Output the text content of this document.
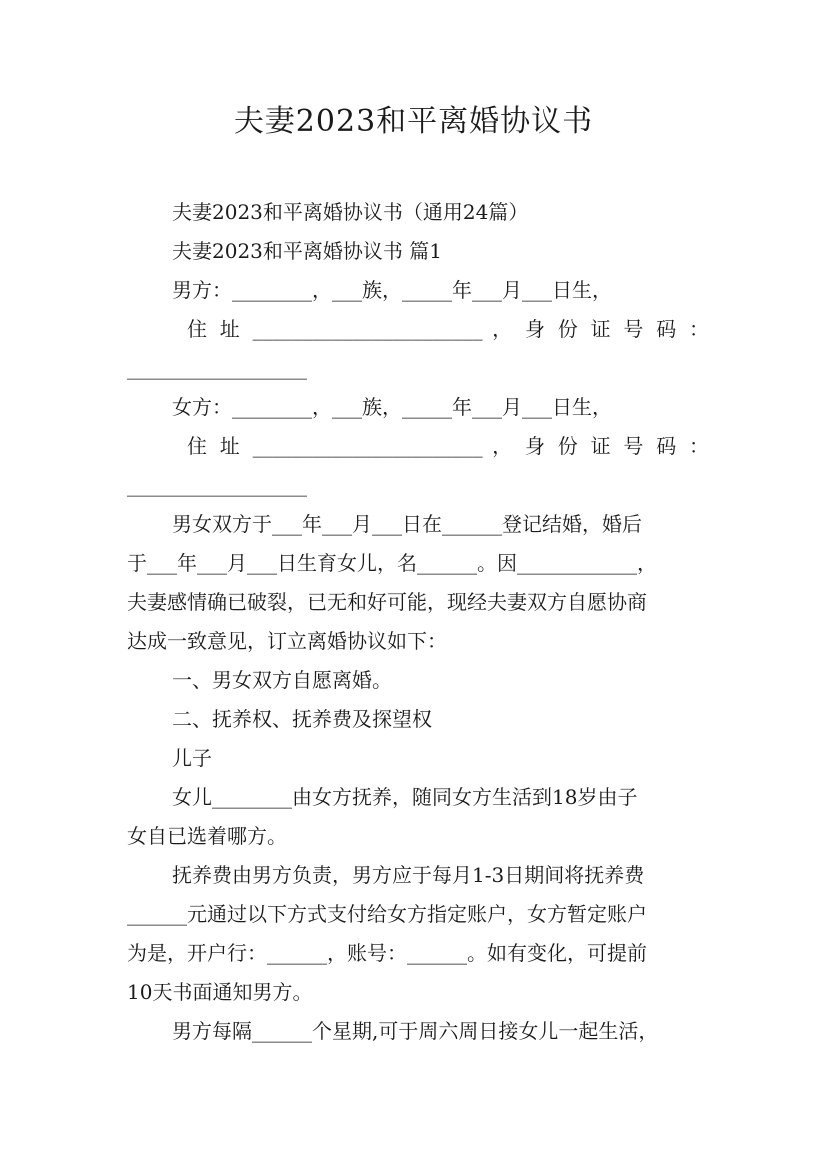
夫妻2023和平离婚协议书
夫妻2023和平离婚协议书（通用24篇）
夫妻2023和平离婚协议书 篇1
男方：________，___族，_____年___月___日生，
住 址 _______________________ ， 身 份 证 号 码 ：
__________________
女方：________，___族，_____年___月___日生，
住 址 _______________________ ， 身 份 证 号 码 ：
__________________
男女双方于___年___月___日在______登记结婚，婚后
于___年___月___日生育女儿，名______。因____________，
夫妻感情确已破裂，已无和好可能，现经夫妻双方自愿协商
达成一致意见，订立离婚协议如下：
一、男女双方自愿离婚。
二、抚养权、抚养费及探望权
儿子
女儿________由女方抚养，随同女方生活到18岁由子
女自已选着哪方。
抚养费由男方负责，男方应于每月1-3日期间将抚养费
______元通过以下方式支付给女方指定账户，女方暂定账户
为是，开户行：______，账号：______。如有变化，可提前
10天书面通知男方。
男方每隔______个星期,可于周六周日接女儿一起生活，
